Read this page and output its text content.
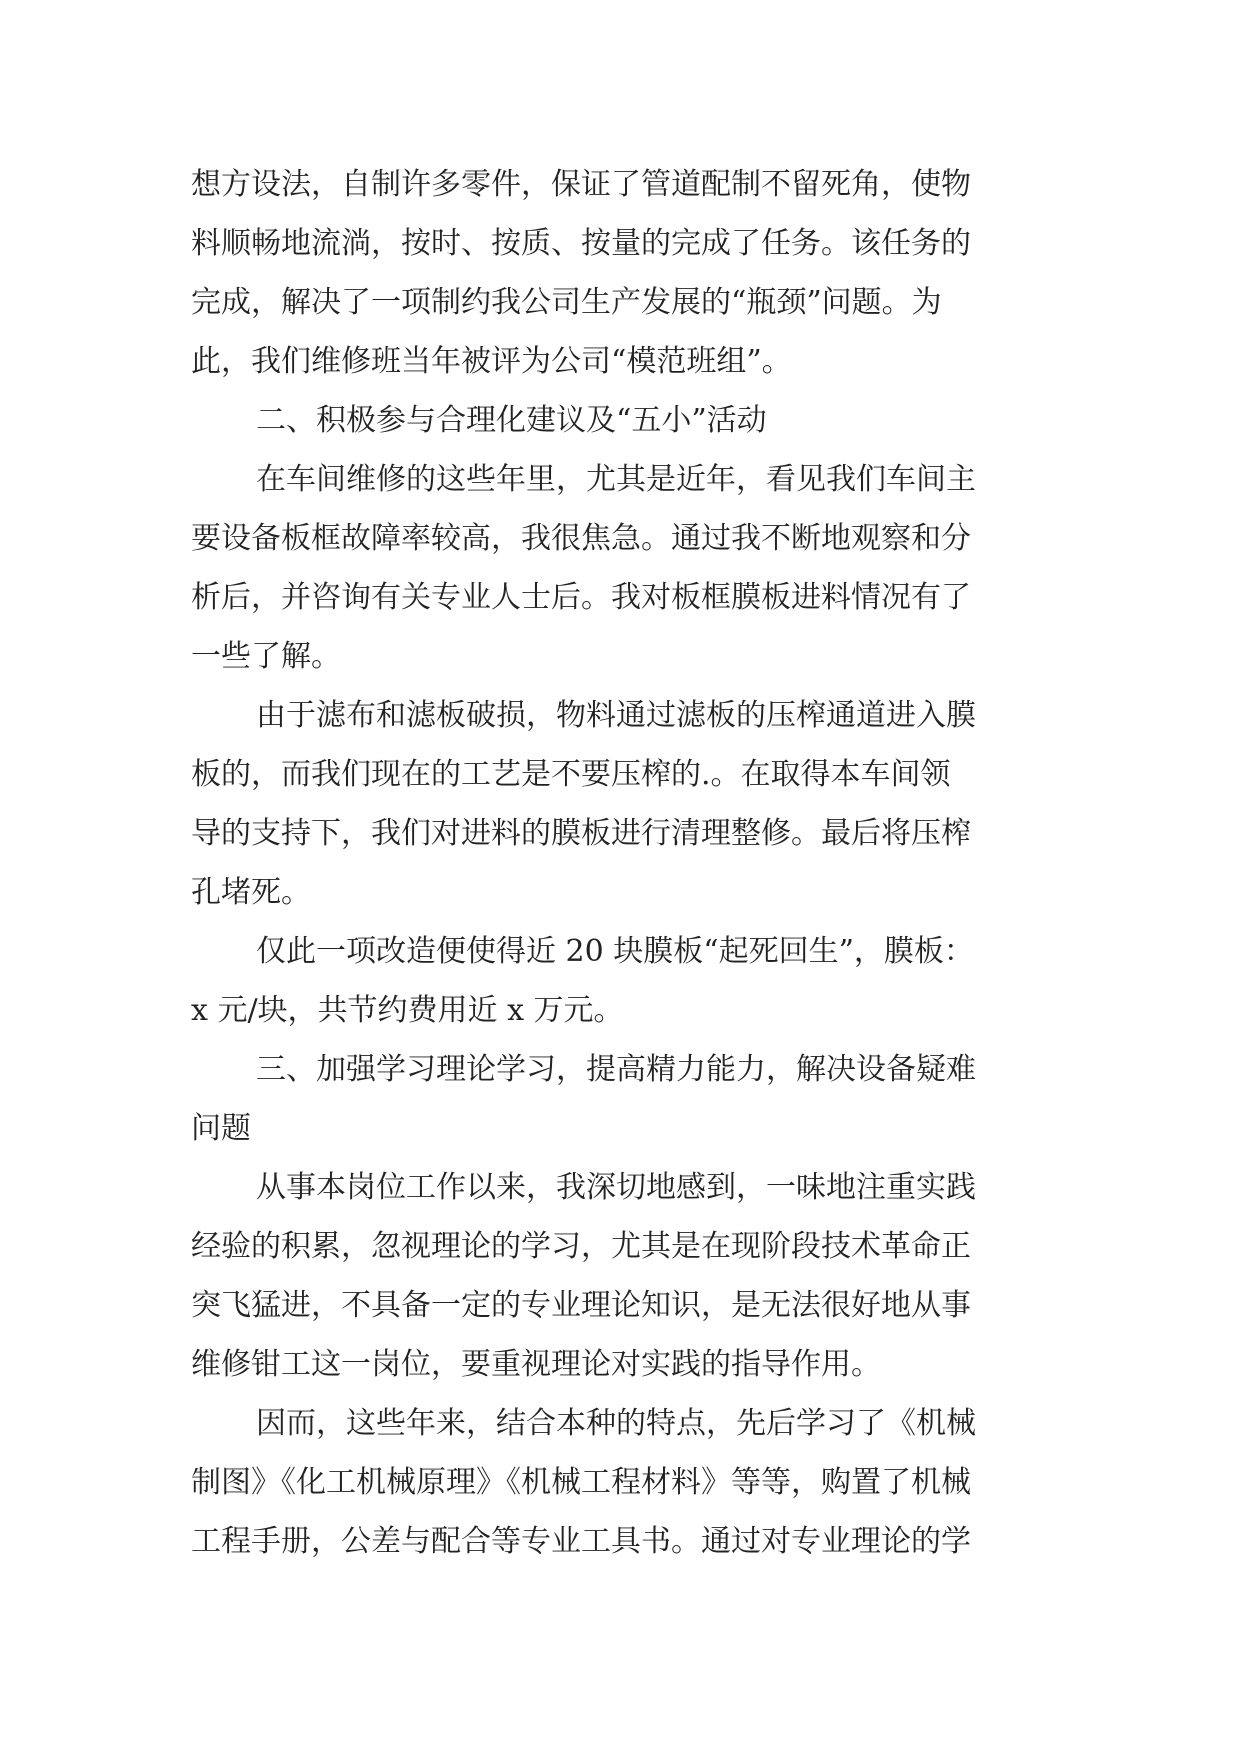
想方设法，自制许多零件，保证了管道配制不留死角，使物

料顺畅地流淌，按时、按质、按量的完成了任务。该任务的

完成，解决了一项制约我公司生产发展的“瓶颈”问题。为

此，我们维修班当年被评为公司“模范班组”。

二、积极参与合理化建议及“五小”活动

在车间维修的这些年里，尤其是近年，看见我们车间主

要设备板框故障率较高，我很焦急。通过我不断地观察和分

析后，并咨询有关专业人士后。我对板框膜板进料情况有了

一些了解。

由于滤布和滤板破损，物料通过滤板的压榨通道进入膜

板的，而我们现在的工艺是不要压榨的.。在取得本车间领

导的支持下，我们对进料的膜板进行清理整修。最后将压榨

孔堵死。

仅此一项改造便使得近 20 块膜板“起死回生”，膜板：

x 元/块，共节约费用近 x 万元。

三、加强学习理论学习，提高精力能力，解决设备疑难

问题

从事本岗位工作以来，我深切地感到，一味地注重实践

经验的积累，忽视理论的学习，尤其是在现阶段技术革命正

突飞猛进，不具备一定的专业理论知识，是无法很好地从事

维修钳工这一岗位，要重视理论对实践的指导作用。

因而，这些年来，结合本种的特点，先后学习了《机械

制图》《化工机械原理》《机械工程材料》等等，购置了机械

工程手册，公差与配合等专业工具书。通过对专业理论的学
